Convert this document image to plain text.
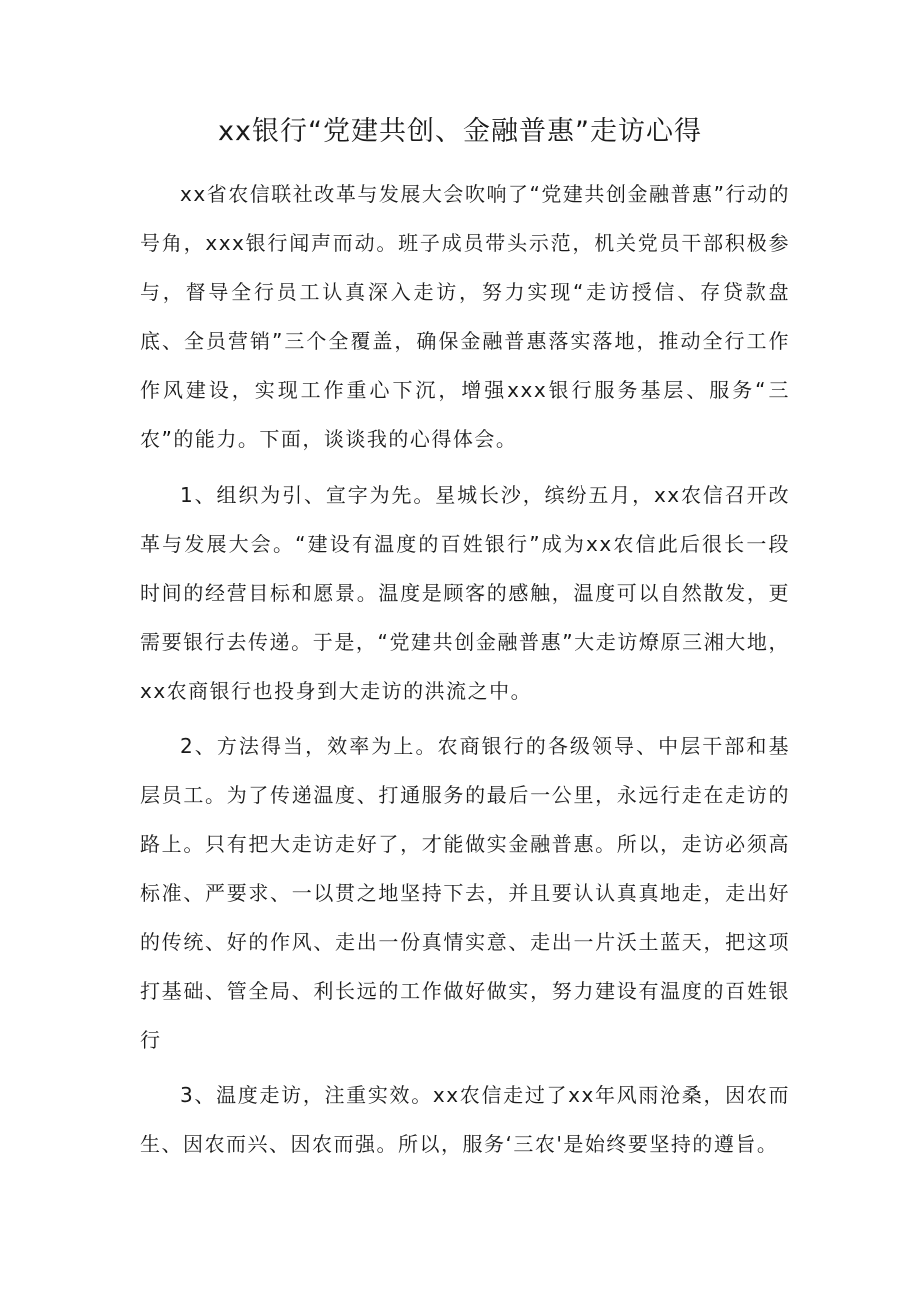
xx银行“党建共创、金融普惠”走访心得

xx省农信联社改革与发展大会吹响了“党建共创金融普惠”行动的号角，xxx银行闻声而动。班子成员带头示范，机关党员干部积极参与，督导全行员工认真深入走访，努力实现“走访授信、存贷款盘底、全员营销”三个全覆盖，确保金融普惠落实落地，推动全行工作作风建设，实现工作重心下沉，增强xxx银行服务基层、服务“三农”的能力。下面，谈谈我的心得体会。

1、组织为引、宣字为先。星城长沙，缤纷五月，xx农信召开改革与发展大会。“建设有温度的百姓银行”成为xx农信此后很长一段时间的经营目标和愿景。温度是顾客的感触，温度可以自然散发，更需要银行去传递。于是，“党建共创金融普惠”大走访燎原三湘大地，xx农商银行也投身到大走访的洪流之中。

2、方法得当，效率为上。农商银行的各级领导、中层干部和基层员工。为了传递温度、打通服务的最后一公里，永远行走在走访的路上。只有把大走访走好了，才能做实金融普惠。所以，走访必须高标准、严要求、一以贯之地坚持下去，并且要认认真真地走，走出好的传统、好的作风、走出一份真情实意、走出一片沃土蓝天，把这项打基础、管全局、利长远的工作做好做实，努力建设有温度的百姓银行

3、温度走访，注重实效。xx农信走过了xx年风雨沧桑，因农而生、因农而兴、因农而强。所以，服务‘三农'是始终要坚持的遵旨。
